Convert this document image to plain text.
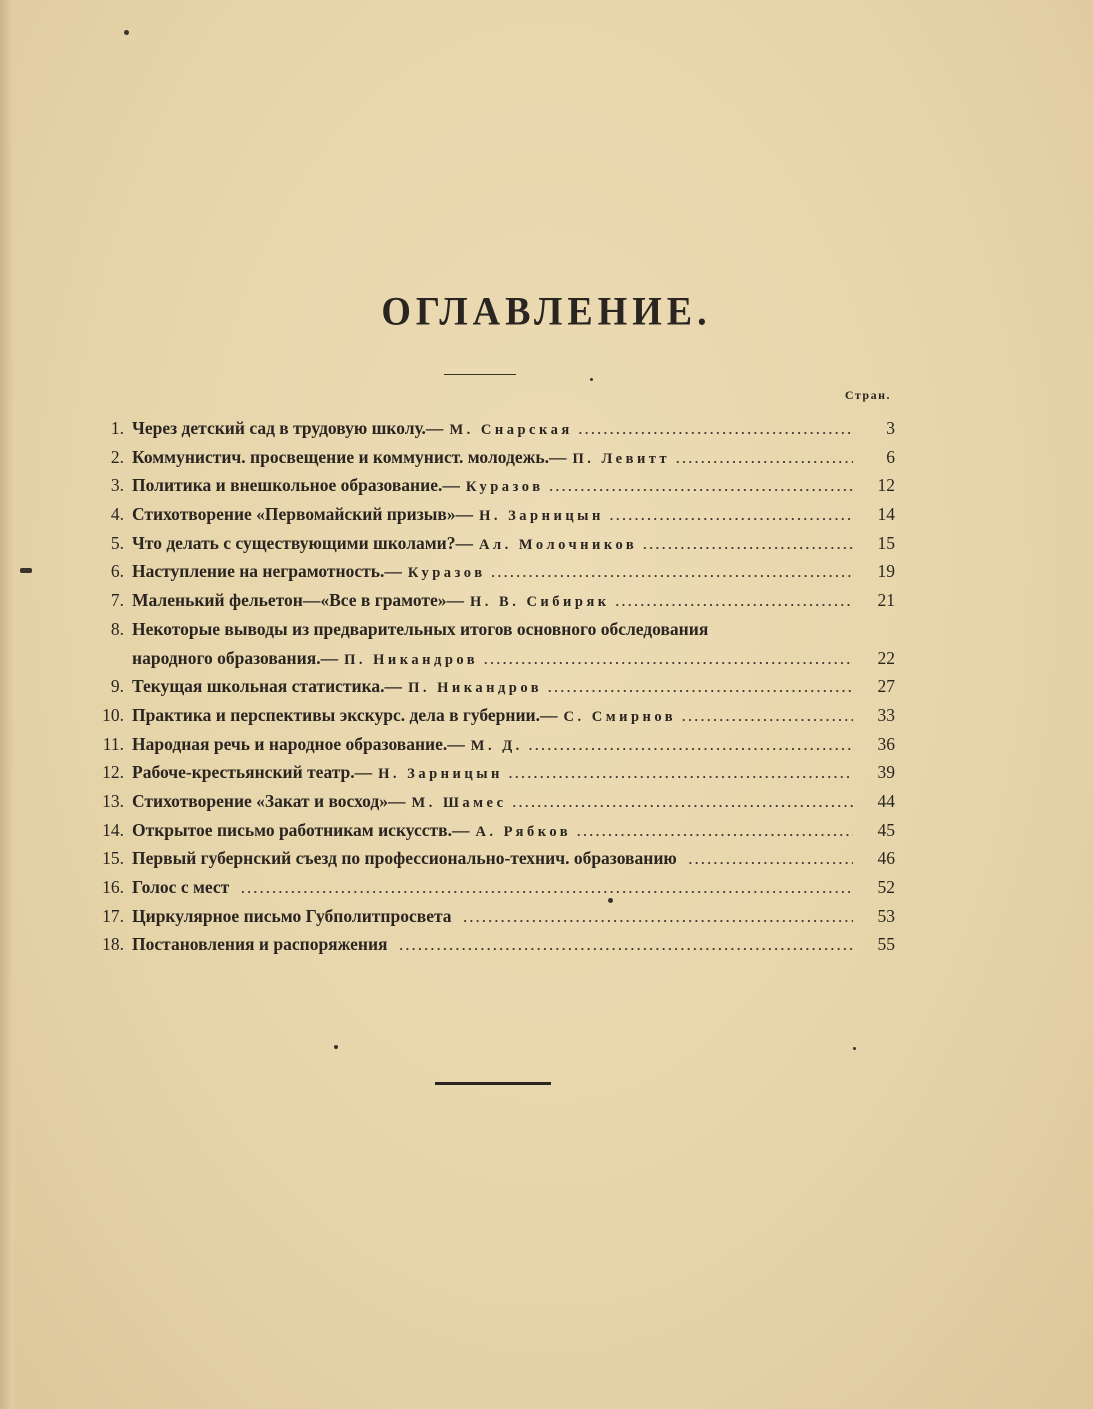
ОГЛАВЛЕНИЕ.
Стран.
1. Через детский сад в трудовую школу.— М. Снарская .....	3
2. Коммунистич. просвещение и коммунист. молодежь.— П. Левитт .....	6
3. Политика и внешкольное образование.— Куразов .....	12
4. Стихотворение «Первомайский призыв»— Н. Зарницын .....	14
5. Что делать с существующими школами?— Ал. Молочников .....	15
6. Наступление на неграмотность.— Куразов .....	19
7. Маленький фельетон—«Все в грамоте»— Н. В. Сибиряк .....	21
8. Некоторые выводы из предварительных итогов основного обследования
народного образования.— П. Никандров .....	22
9. Текущая школьная статистика.— П. Никандров .....	27
10. Практика и перспективы экскурс. дела в губернии.— С. Смирнов .....	33
11. Народная речь и народное образование.— М. Д. .....	36
12. Рабоче-крестьянский театр.— Н. Зарницын .....	39
13. Стихотворение «Закат и восход»— М. Шамес .....	44
14. Открытое письмо работникам искусств.— А. Рябков .....	45
15. Первый губернский съезд по профессионально-технич. образованию .....	46
16. Голос с мест .....	52
17. Циркулярное письмо Губполитпросвета .....	53
18. Постановления и распоряжения .....	55
